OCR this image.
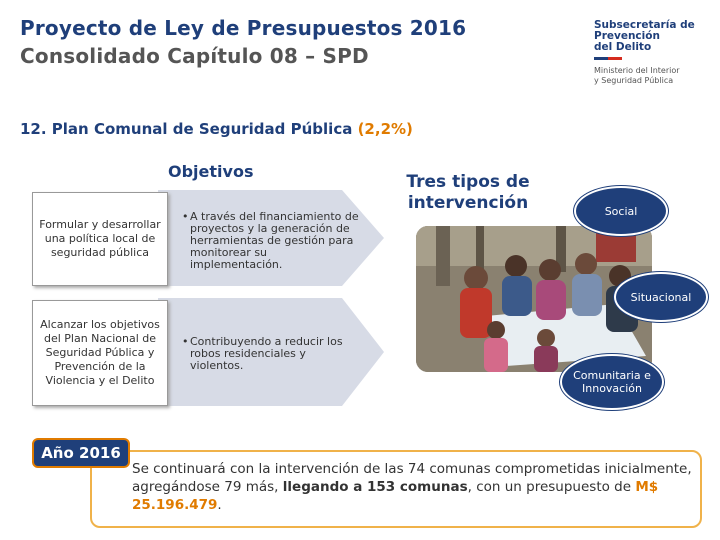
Proyecto de Ley de Presupuestos 2016
Consolidado Capítulo 08 – SPD
Subsecretaría de
Prevención
del Delito
Ministerio del Interior
y Seguridad Pública
12. Plan Comunal de Seguridad Pública (2,2%)
Objetivos
Formular y desarrollar una política local de seguridad pública
• A través del financiamiento de proyectos y la generación de herramientas de gestión para monitorear su implementación.
Alcanzar los objetivos del Plan Nacional de Seguridad Pública y Prevención de la Violencia y el Delito
• Contribuyendo a reducir los robos residenciales y violentos.
Tres tipos de intervención	Social
Situacional
Comunitaria e Innovación
Se continuará con la intervención de las 74 comunas comprometidas inicialmente, agregándose 79 más, llegando a 153 comunas, con un presupuesto de M$ 25.196.479.
Año 2016
